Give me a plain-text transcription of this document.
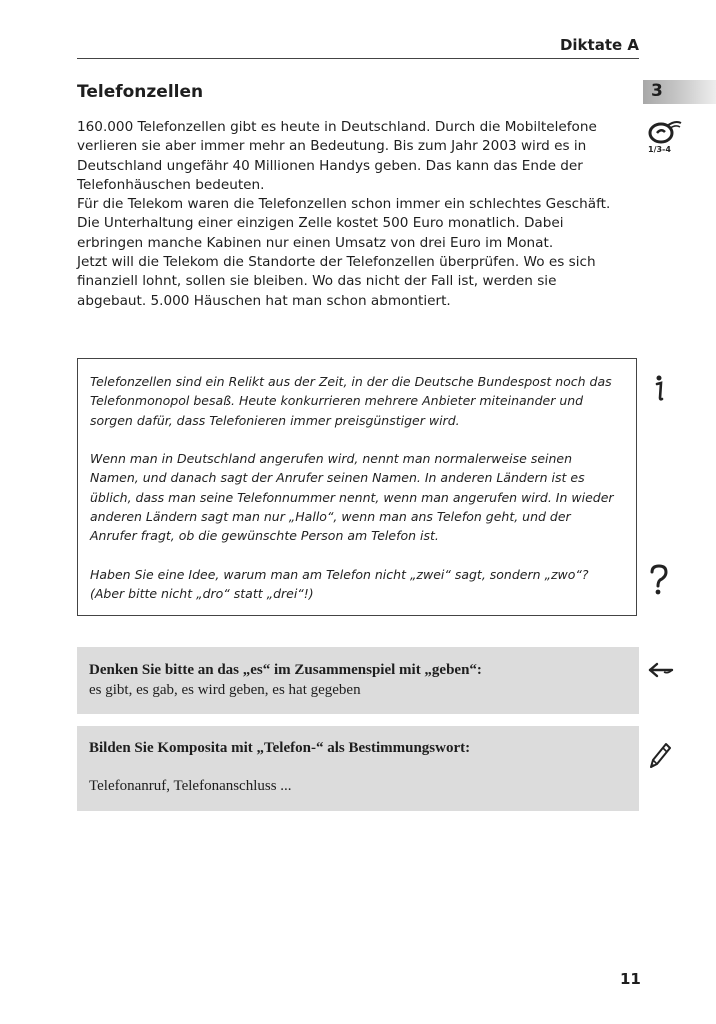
Diktate A
3
Telefonzellen
1/3-4
160.000 Telefonzellen gibt es heute in Deutschland. Durch die Mobiltelefone
verlieren sie aber immer mehr an Bedeutung. Bis zum Jahr 2003 wird es in
Deutschland ungefähr 40 Millionen Handys geben. Das kann das Ende der
Telefonhäuschen bedeuten.
Für die Telekom waren die Telefonzellen schon immer ein schlechtes Geschäft.
Die Unterhaltung einer einzigen Zelle kostet 500 Euro monatlich. Dabei
erbringen manche Kabinen nur einen Umsatz von drei Euro im Monat.
Jetzt will die Telekom die Standorte der Telefonzellen überprüfen. Wo es sich
finanziell lohnt, sollen sie bleiben. Wo das nicht der Fall ist, werden sie
abgebaut. 5.000 Häuschen hat man schon abmontiert.
Telefonzellen sind ein Relikt aus der Zeit, in der die Deutsche Bundespost noch das
Telefonmonopol besaß. Heute konkurrieren mehrere Anbieter miteinander und
sorgen dafür, dass Telefonieren immer preisgünstiger wird.
Wenn man in Deutschland angerufen wird, nennt man normalerweise seinen
Namen, und danach sagt der Anrufer seinen Namen. In anderen Ländern ist es
üblich, dass man seine Telefonnummer nennt, wenn man angerufen wird. In wieder
anderen Ländern sagt man nur „Hallo“, wenn man ans Telefon geht, und der
Anrufer fragt, ob die gewünschte Person am Telefon ist.
Haben Sie eine Idee, warum man am Telefon nicht „zwei“ sagt, sondern „zwo“?
(Aber bitte nicht „dro“ statt „drei“!)
Denken Sie bitte an das „es“ im Zusammenspiel mit „geben“:
es gibt, es gab, es wird geben, es hat gegeben
Bilden Sie Komposita mit „Telefon-“ als Bestimmungswort:
Telefonanruf, Telefonanschluss ...
11
